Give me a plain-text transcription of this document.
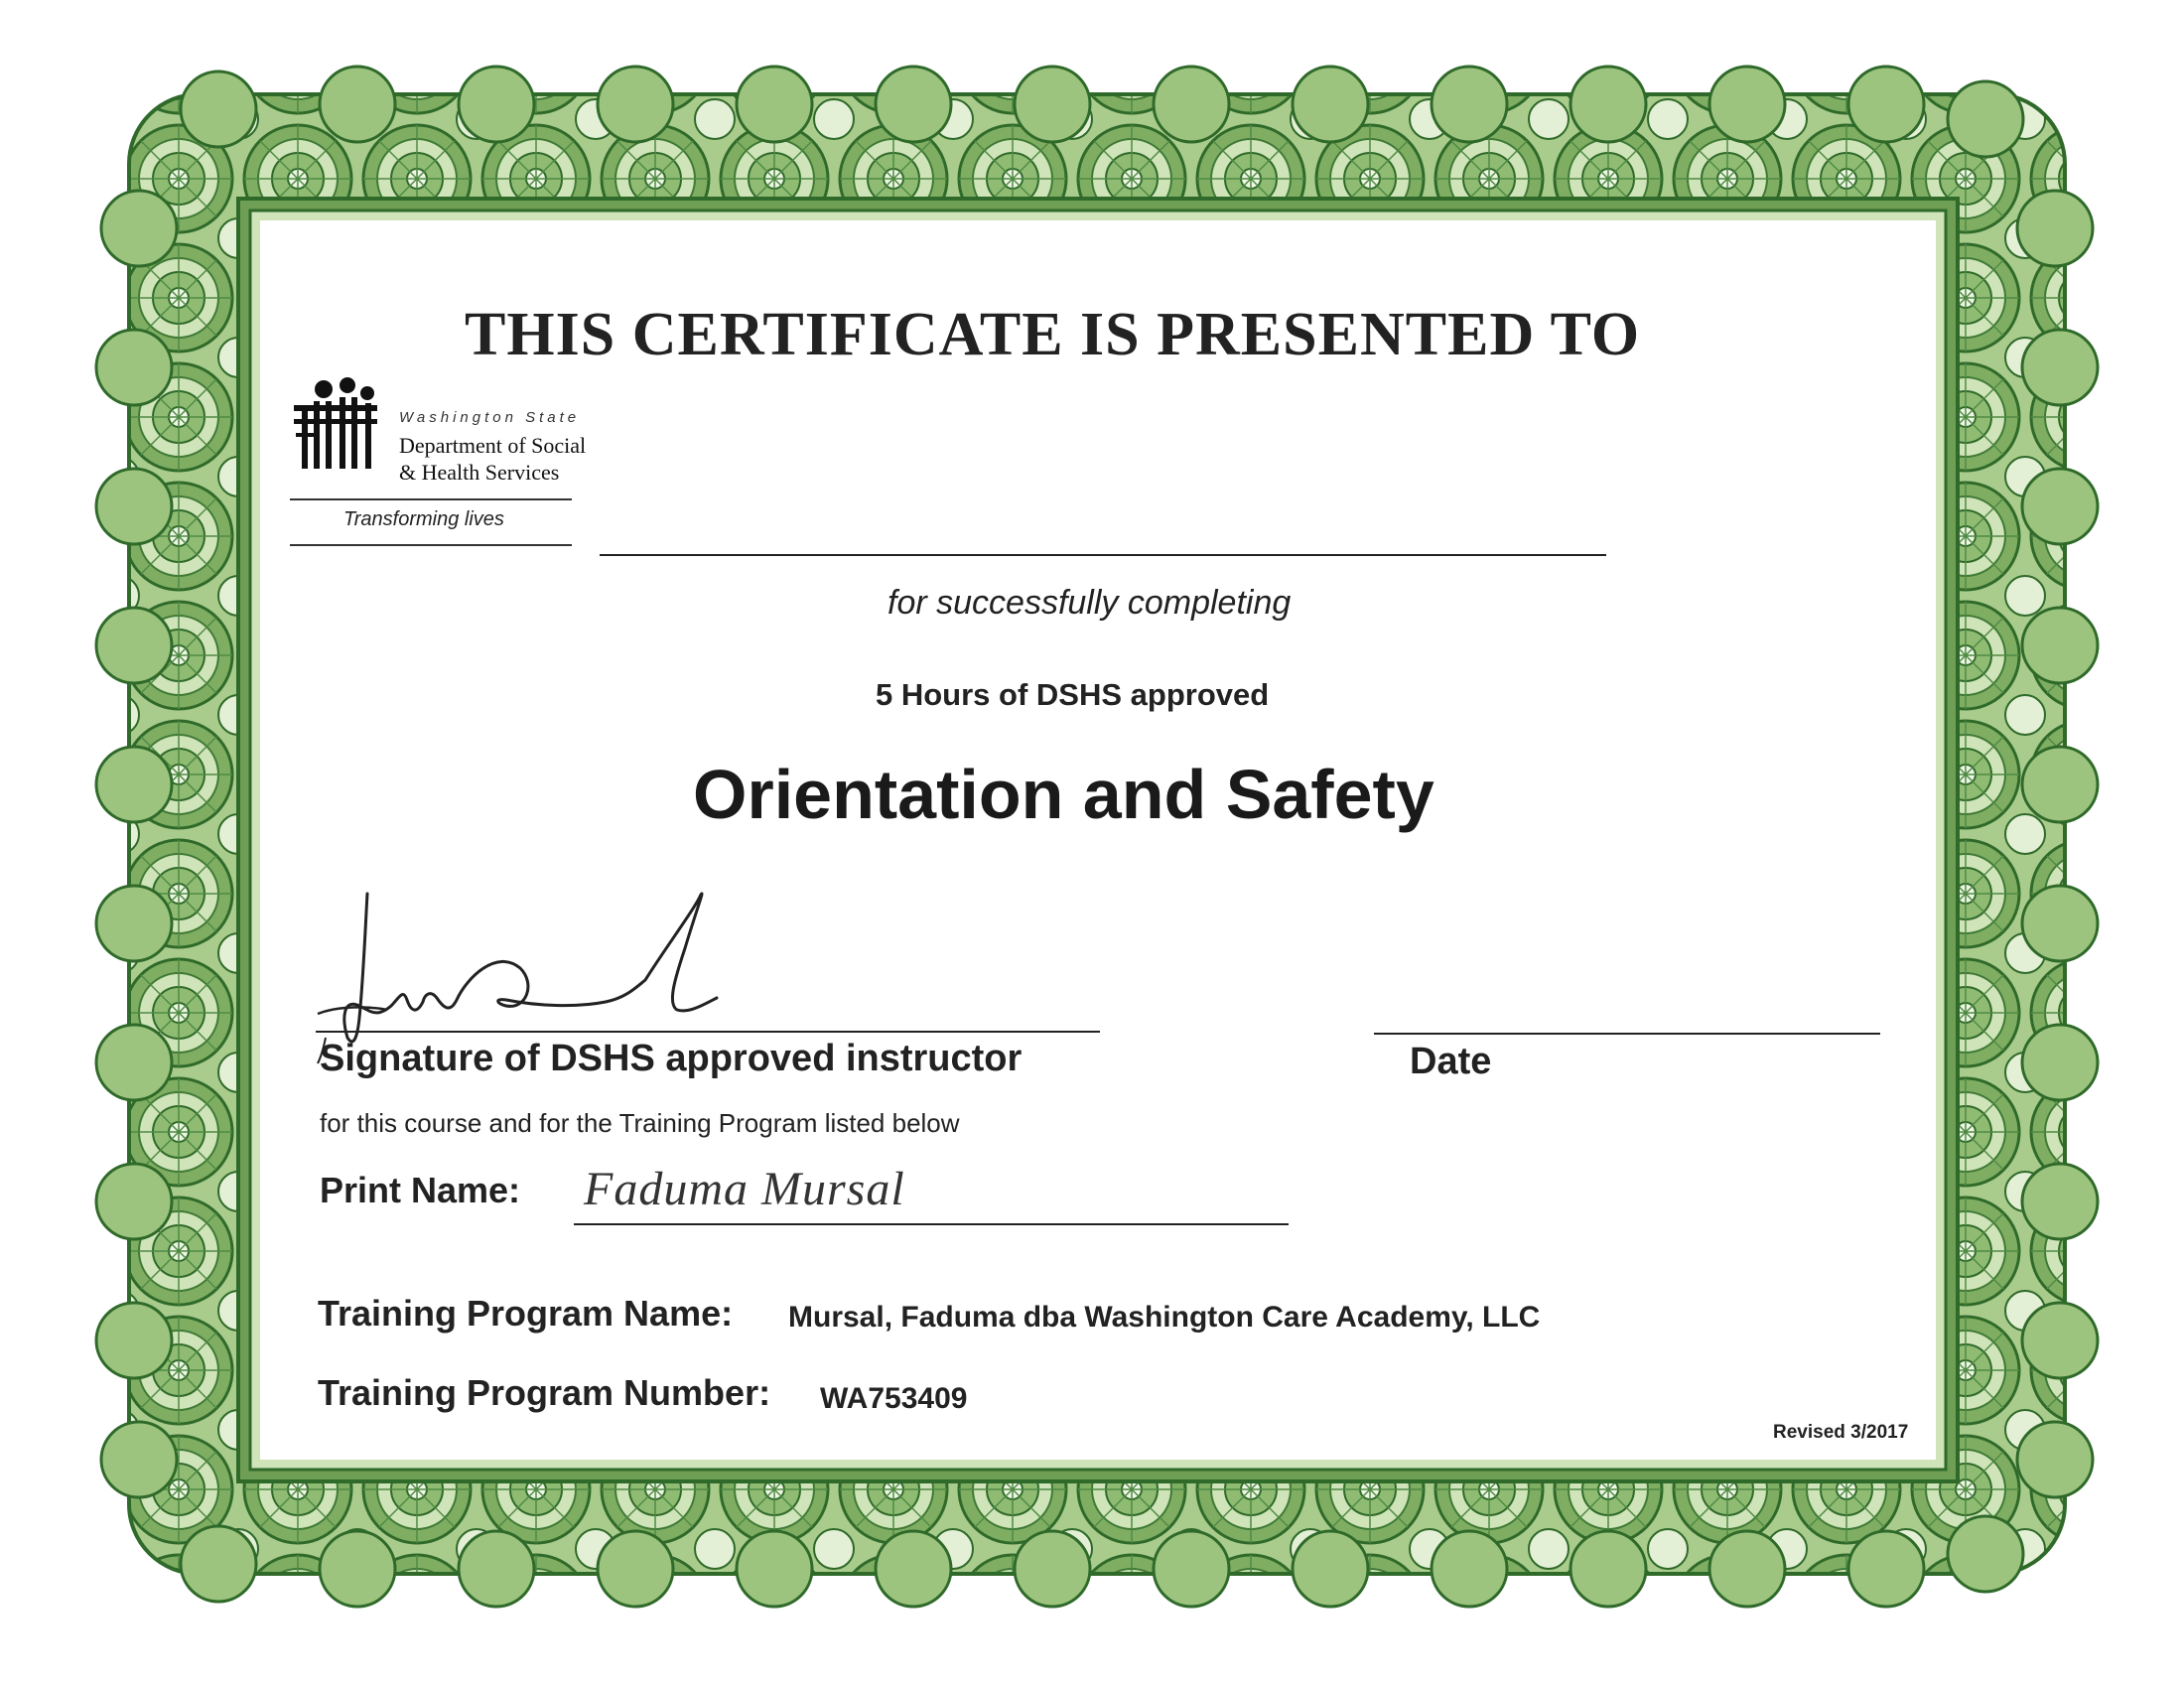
THIS CERTIFICATE IS PRESENTED TO
Washington State
Department of Social
& Health Services
Transforming lives
for successfully completing
5 Hours of DSHS approved
Orientation and Safety
Signature of DSHS approved instructor	Date
for this course and for the Training Program listed below
Print Name: Faduma Mursal
Training Program Name: Mursal, Faduma dba Washington Care Academy, LLC
Training Program Number: WA753409
Revised 3/2017
